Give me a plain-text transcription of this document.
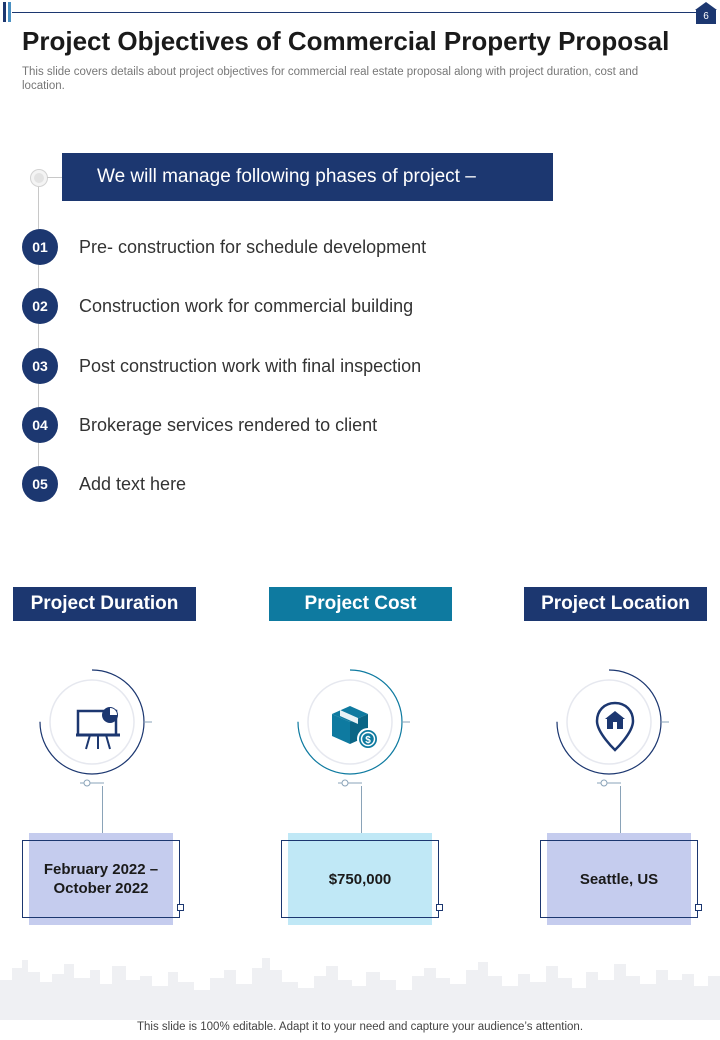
6
Project Objectives of Commercial Property Proposal
This slide covers details about project objectives for commercial real estate proposal along with project duration, cost and location.
We will manage following phases of project –
01	Pre- construction for schedule development
02	Construction work for commercial building
03	Post construction work with final inspection
04	Brokerage services rendered to client
05	Add text here
Project Duration	Project Cost	Project Location
$
February 2022 –
October 2022
$750,000	Seattle, US
This slide is 100% editable. Adapt it to your need and capture your audience’s attention.
